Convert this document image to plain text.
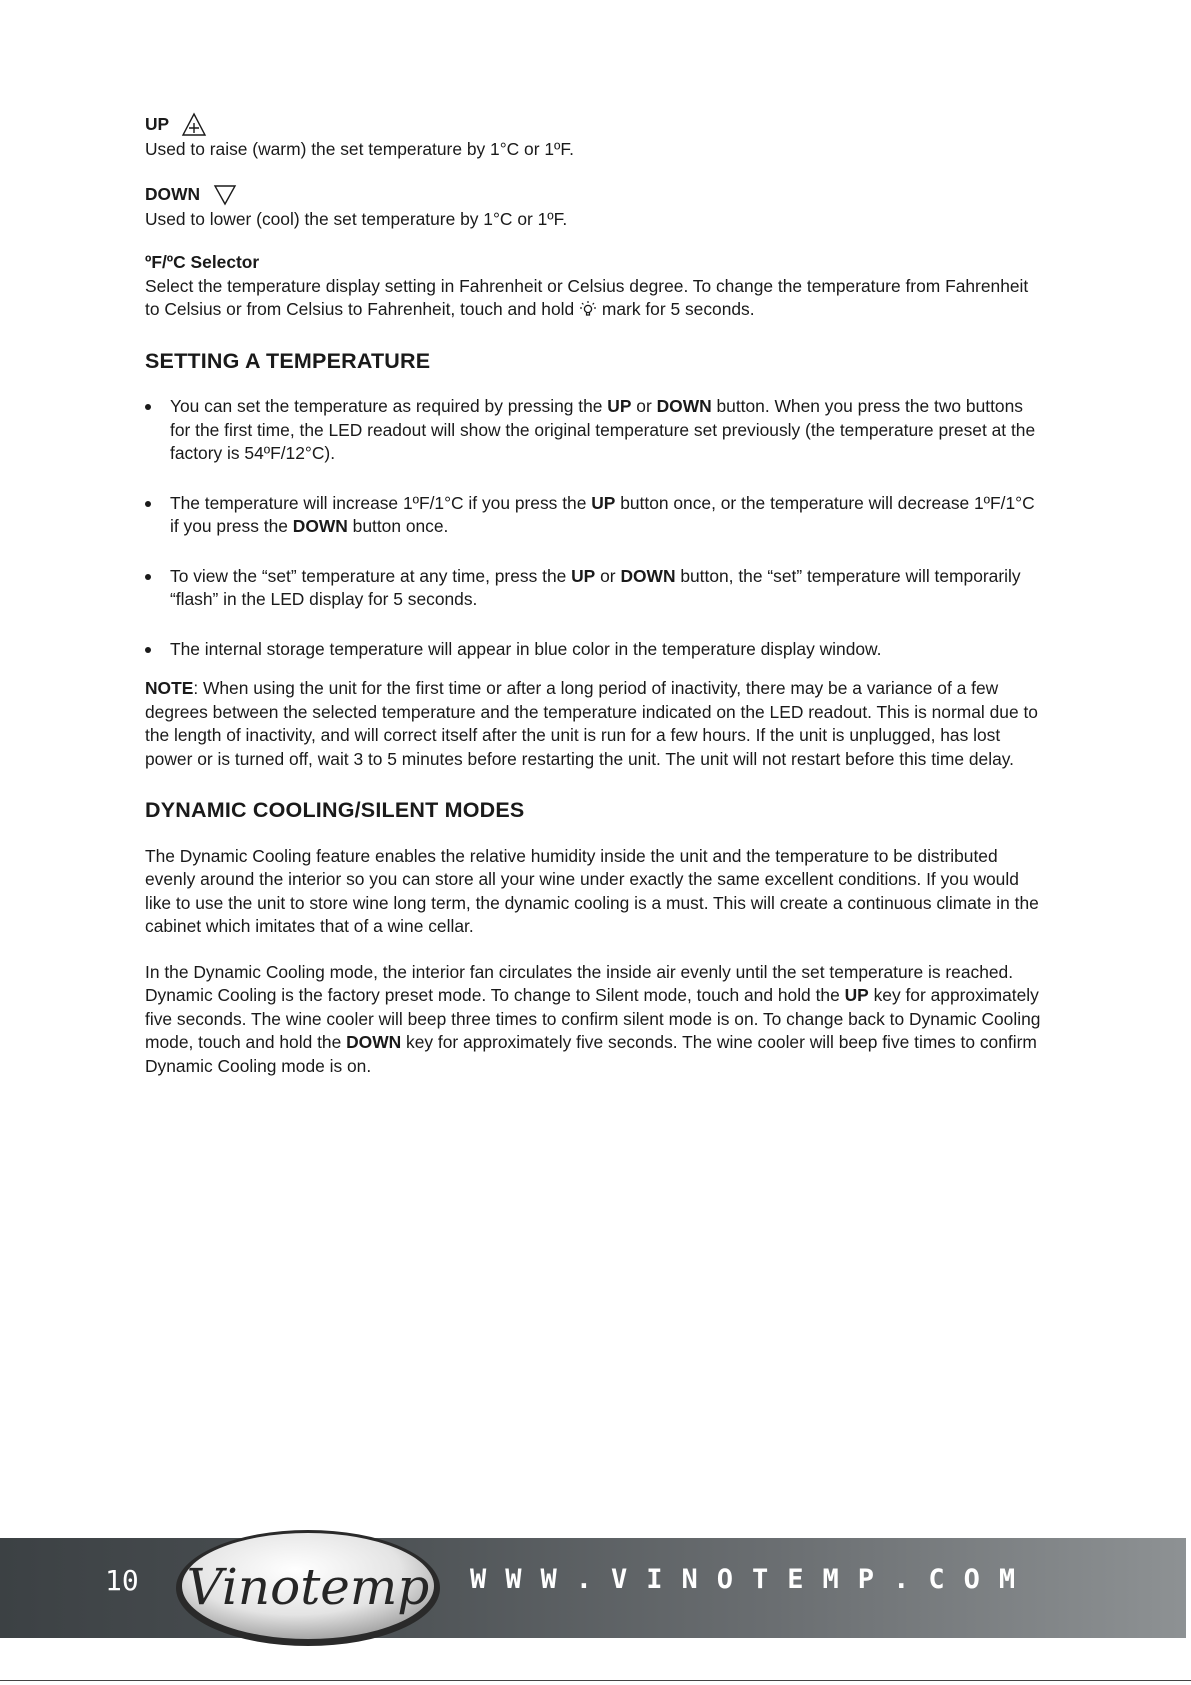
UP

Used to raise (warm) the set temperature by 1°C or 1ºF.

DOWN

Used to lower (cool) the set temperature by 1°C or 1ºF.

ºF/ºC Selector

Select the temperature display setting in Fahrenheit or Celsius degree. To change the temperature from Fahrenheit to Celsius or from Celsius to Fahrenheit, touch and hold  mark for 5 seconds.

SETTING A TEMPERATURE
You can set the temperature as required by pressing the UP or DOWN button. When you press the two buttons for the first time, the LED readout will show the original temperature set previously (the temperature preset at the factory is 54ºF/12°C).
The temperature will increase 1ºF/1°C if you press the UP button once, or the temperature will decrease 1ºF/1°C if you press the DOWN button once.
To view the “set” temperature at any time, press the UP or DOWN button, the “set” temperature will temporarily “flash” in the LED display for 5 seconds.
The internal storage temperature will appear in blue color in the temperature display window.

NOTE: When using the unit for the first time or after a long period of inactivity, there may be a variance of a few degrees between the selected temperature and the temperature indicated on the LED readout. This is normal due to the length of inactivity, and will correct itself after the unit is run for a few hours. If the unit is unplugged, has lost power or is turned off, wait 3 to 5 minutes before restarting the unit. The unit will not restart before this time delay.

DYNAMIC COOLING/SILENT MODES

The Dynamic Cooling feature enables the relative humidity inside the unit and the temperature to be distributed evenly around the interior so you can store all your wine under exactly the same excellent conditions. If you would like to use the unit to store wine long term, the dynamic cooling is a must. This will create a continuous climate in the cabinet which imitates that of a wine cellar.

In the Dynamic Cooling mode, the interior fan circulates the inside air evenly until the set temperature is reached. Dynamic Cooling is the factory preset mode. To change to Silent mode, touch and hold the UP key for approximately five seconds. The wine cooler will beep three times to confirm silent mode is on. To change back to Dynamic Cooling mode, touch and hold the DOWN key for approximately five seconds. The wine cooler will beep five times to confirm Dynamic Cooling mode is on.

10 Vinotemp WWW.VINOTEMP.COM
